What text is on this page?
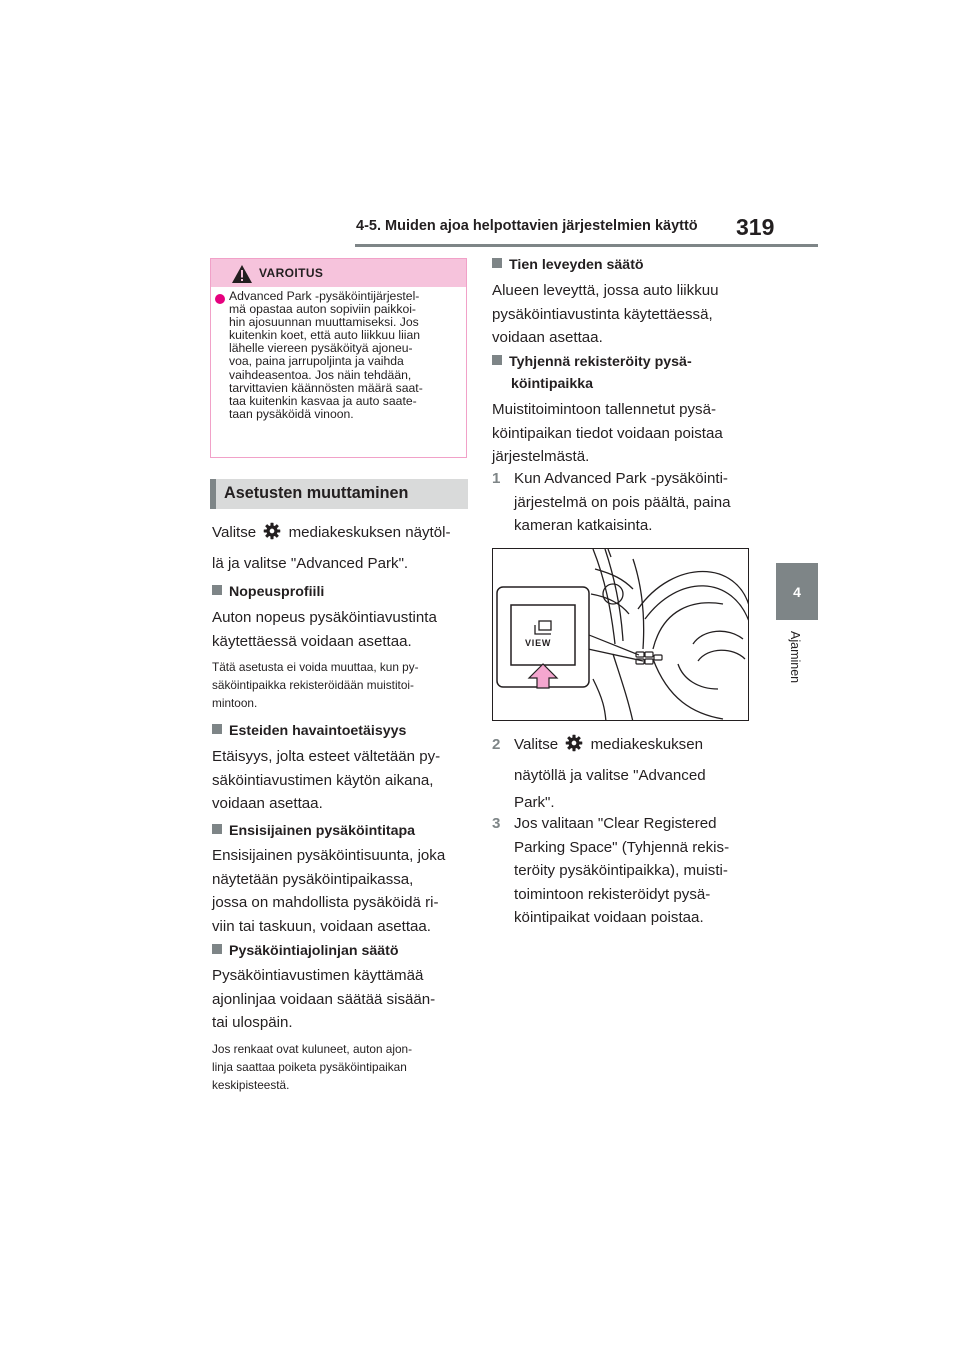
4-5. Muiden ajoa helpottavien järjestelmien käyttö 319
4
Ajaminen
VAROITUS
Advanced Park -pysäköintijärjestel-
mä opastaa auton sopiviin paikkoi-
hin ajosuunnan muuttamiseksi. Jos
kuitenkin koet, että auto liikkuu liian
lähelle viereen pysäköityä ajoneu-
voa, paina jarrupoljinta ja vaihda
vaihdeasentoa. Jos näin tehdään,
tarvittavien käännösten määrä saat-
taa kuitenkin kasvaa ja auto saate-
taan pysäköidä vinoon.
Asetusten muuttaminen
Valitse mediakeskuksen näytöl-
lä ja valitse "Advanced Park".
Nopeusprofiili
Auton nopeus pysäköintiavustinta
käytettäessä voidaan asettaa.
Tätä asetusta ei voida muuttaa, kun py-
säköintipaikka rekisteröidään muistitoi-
mintoon.
Esteiden havaintoetäisyys
Etäisyys, jolta esteet vältetään py-
säköintiavustimen käytön aikana,
voidaan asettaa.
Ensisijainen pysäköintitapa
Ensisijainen pysäköintisuunta, joka
näytetään pysäköintipaikassa,
jossa on mahdollista pysäköidä ri-
viin tai taskuun, voidaan asettaa.
Pysäköintiajolinjan säätö
Pysäköintiavustimen käyttämää
ajonlinjaa voidaan säätää sisään-
tai ulospäin.
Jos renkaat ovat kuluneet, auton ajon-
linja saattaa poiketa pysäköintipaikan
keskipisteestä.
Tien leveyden säätö
Alueen leveyttä, jossa auto liikkuu
pysäköintiavustinta käytettäessä,
voidaan asettaa.
Tyhjennä rekisteröity pysä-
köintipaikka
Muistitoimintoon tallennetut pysä-
köintipaikan tiedot voidaan poistaa
järjestelmästä.
1 Kun Advanced Park -pysäköinti-
järjestelmä on pois päältä, paina
kameran katkaisinta.
VIEW
2 Valitse mediakeskuksen
näytöllä ja valitse "Advanced
Park".
3 Jos valitaan "Clear Registered
Parking Space" (Tyhjennä rekis-
teröity pysäköintipaikka), muisti-
toimintoon rekisteröidyt pysä-
köintipaikat voidaan poistaa.
